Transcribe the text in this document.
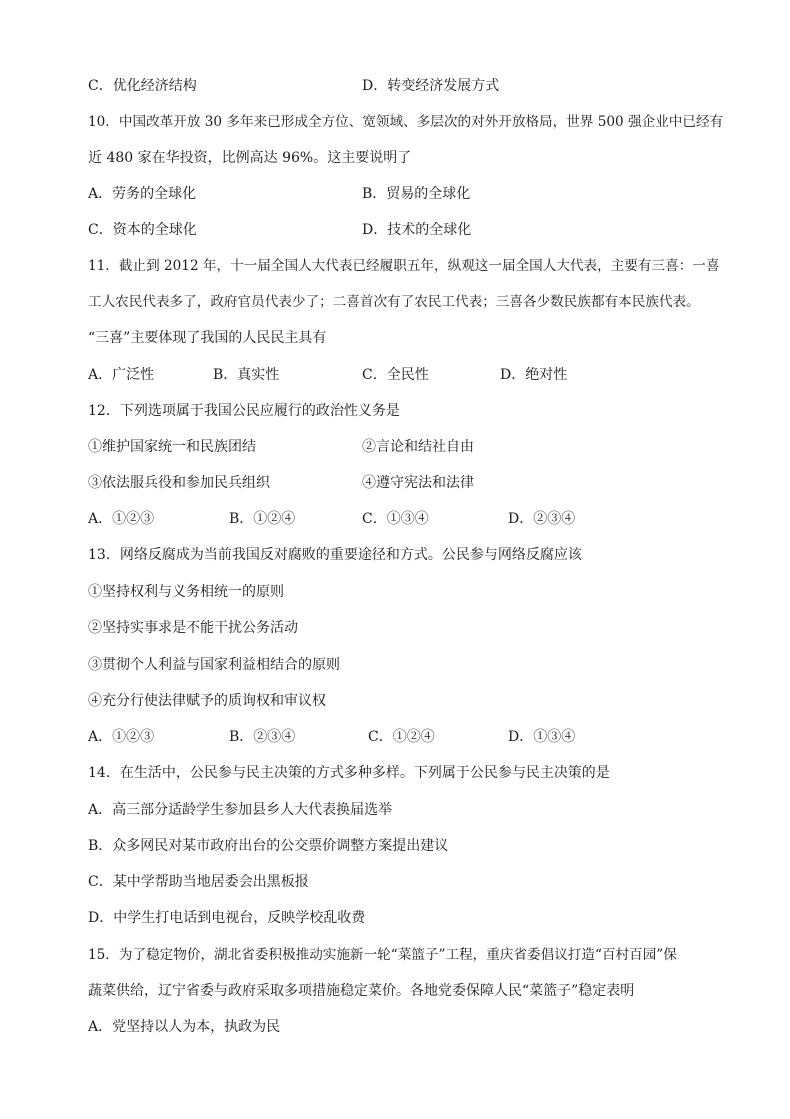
C．优化经济结构	D．转变经济发展方式
10．中国改革开放 30 多年来已形成全方位、宽领域、多层次的对外开放格局，世界 500 强企业中已经有
近 480 家在华投资，比例高达 96%。这主要说明了
A．劳务的全球化	B．贸易的全球化
C．资本的全球化	D．技术的全球化
11．截止到 2012 年，十一届全国人大代表已经履职五年，纵观这一届全国人大代表，主要有三喜：一喜
工人农民代表多了，政府官员代表少了；二喜首次有了农民工代表；三喜各少数民族都有本民族代表。
“三喜”主要体现了我国的人民民主具有
A．广泛性	B．真实性	C．全民性	D．绝对性
12．下列选项属于我国公民应履行的政治性义务是
①维护国家统一和民族团结	②言论和结社自由
③依法服兵役和参加民兵组织	④遵守宪法和法律
A．①②③	B．①②④	C．①③④	D．②③④
13．网络反腐成为当前我国反对腐败的重要途径和方式。公民参与网络反腐应该
①坚持权利与义务相统一的原则
②坚持实事求是不能干扰公务活动
③贯彻个人利益与国家利益相结合的原则
④充分行使法律赋予的质询权和审议权
A．①②③	B．②③④	C．①②④	D．①③④
14．在生活中，公民参与民主决策的方式多种多样。下列属于公民参与民主决策的是
A．高三部分适龄学生参加县乡人大代表换届选举
B．众多网民对某市政府出台的公交票价调整方案提出建议
C．某中学帮助当地居委会出黑板报
D．中学生打电话到电视台，反映学校乱收费
15．为了稳定物价，湖北省委积极推动实施新一轮“菜篮子”工程，重庆省委倡议打造“百村百园”保
蔬菜供给，辽宁省委与政府采取多项措施稳定菜价。各地党委保障人民“菜篮子”稳定表明
A．党坚持以人为本，执政为民
